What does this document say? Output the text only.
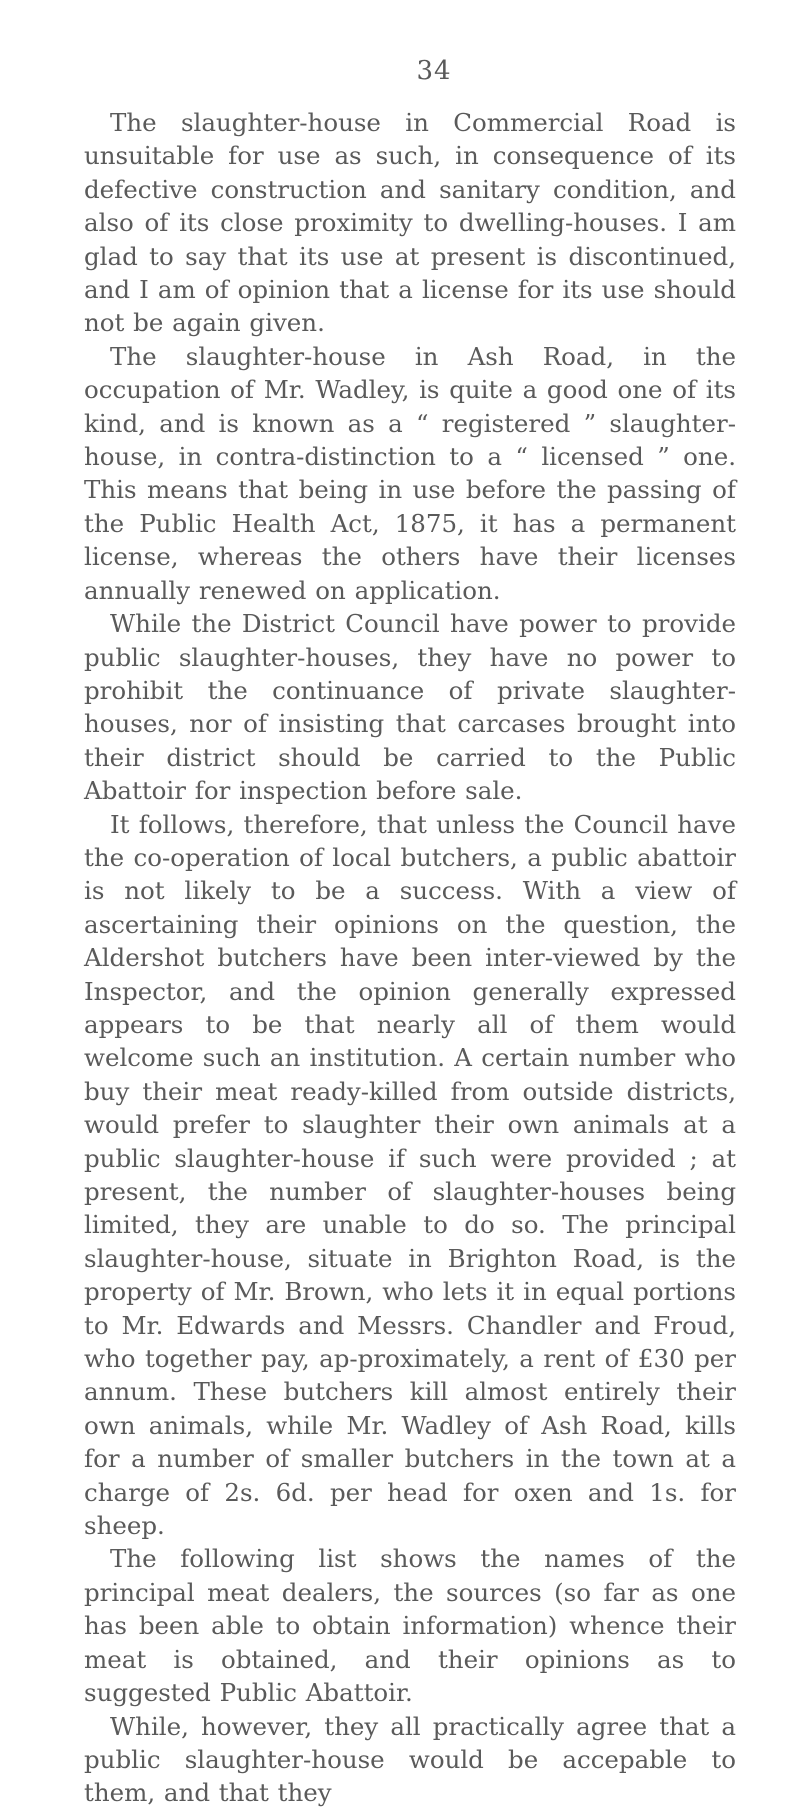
34

The slaughter-house in Commercial Road is unsuitable for use as such, in consequence of its defective construction and sanitary condition, and also of its close proximity to dwelling-houses. I am glad to say that its use at present is discontinued, and I am of opinion that a license for its use should not be again given.

The slaughter-house in Ash Road, in the occupation of Mr. Wadley, is quite a good one of its kind, and is known as a “ registered ” slaughter-house, in contra-distinction to a “ licensed ” one. This means that being in use before the passing of the Public Health Act, 1875, it has a permanent license, whereas the others have their licenses annually renewed on application.

While the District Council have power to provide public slaughter-houses, they have no power to prohibit the continuance of private slaughter-houses, nor of insisting that carcases brought into their district should be carried to the Public Abattoir for inspection before sale.

It follows, therefore, that unless the Council have the co-operation of local butchers, a public abattoir is not likely to be a success. With a view of ascertaining their opinions on the question, the Aldershot butchers have been inter-viewed by the Inspector, and the opinion generally expressed appears to be that nearly all of them would welcome such an institution. A certain number who buy their meat ready-killed from outside districts, would prefer to slaughter their own animals at a public slaughter-house if such were provided ; at present, the number of slaughter-houses being limited, they are unable to do so. The principal slaughter-house, situate in Brighton Road, is the property of Mr. Brown, who lets it in equal portions to Mr. Edwards and Messrs. Chandler and Froud, who together pay, ap-proximately, a rent of £30 per annum. These butchers kill almost entirely their own animals, while Mr. Wadley of Ash Road, kills for a number of smaller butchers in the town at a charge of 2s. 6d. per head for oxen and 1s. for sheep.

The following list shows the names of the principal meat dealers, the sources (so far as one has been able to obtain information) whence their meat is obtained, and their opinions as to suggested Public Abattoir.

While, however, they all practically agree that a public slaughter-house would be accepable to them, and that they
